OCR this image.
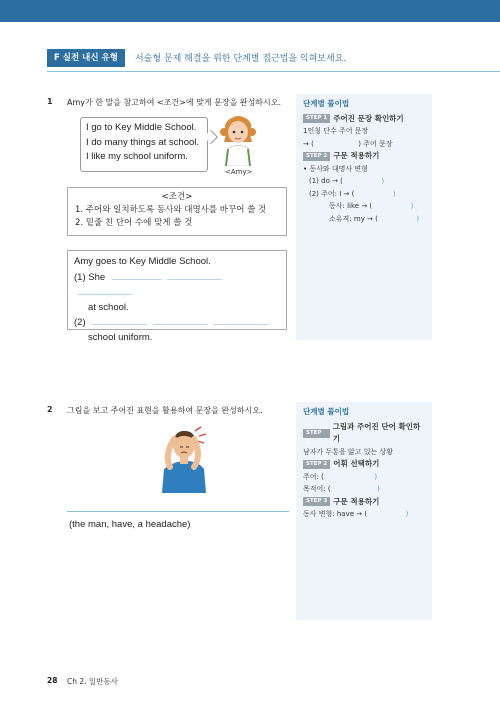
F 실전 내신 유형	서술형 문제 해결을 위한 단계별 접근법을 익혀보세요.
1 Amy가 한 말을 참고하여 <조건>에 맞게 문장을 완성하시오.
I go to Key Middle School.
I do many things at school.
I like my school uniform.
<Amy>
<조건>
1. 주어와 일치하도록 동사와 대명사를 바꾸어 쓸 것
2. 밑줄 친 단어 수에 맞게 쓸 것
Amy goes to Key Middle School.
(1) She
at school.
(2)
school uniform.
단계별 풀이법
STEP 1 주어진 문장 확인하기
1인칭 단수 주어 문장
→ (	) 주어 문장
STEP 2 구문 적용하기
• 동사와 대명사 변형
(1) do → (	)
(2) 주어: I → (	)
동사: like → (	)
소유격: my → (	)
2 그림을 보고 주어진 표현을 활용하여 문장을 완성하시오.
(the man, have, a headache)
단계별 풀이법
STEP 1
그림과 주어진 단어 확인하기
남자가 두통을 앓고 있는 상황
STEP 2 어휘 선택하기
주어: (	)
목적어: (	)
STEP 3 구문 적용하기
동사 변형: have → (	)
28 Ch 2. 일반동사
